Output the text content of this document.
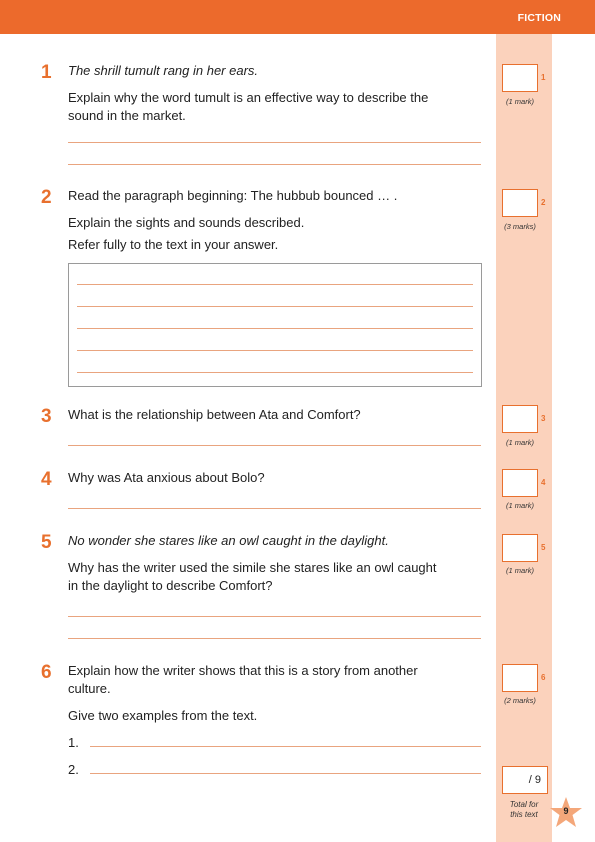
FICTION
1 The shrill tumult rang in her ears.
Explain why the word tumult is an effective way to describe the
sound in the market.
1
(1 mark)
2 Read the paragraph beginning: The hubbub bounced … .
Explain the sights and sounds described.
Refer fully to the text in your answer.
2
(3 marks)
3 What is the relationship between Ata and Comfort?	3
(1 mark)
4 Why was Ata anxious about Bolo?	4
(1 mark)
5 No wonder she stares like an owl caught in the daylight.
Why has the writer used the simile she stares like an owl caught
in the daylight to describe Comfort?
5
(1 mark)
6 Explain how the writer shows that this is a story from another
culture.
Give two examples from the text.
1.
2.
6
(2 marks)
/ 9
Total for
this text	9
